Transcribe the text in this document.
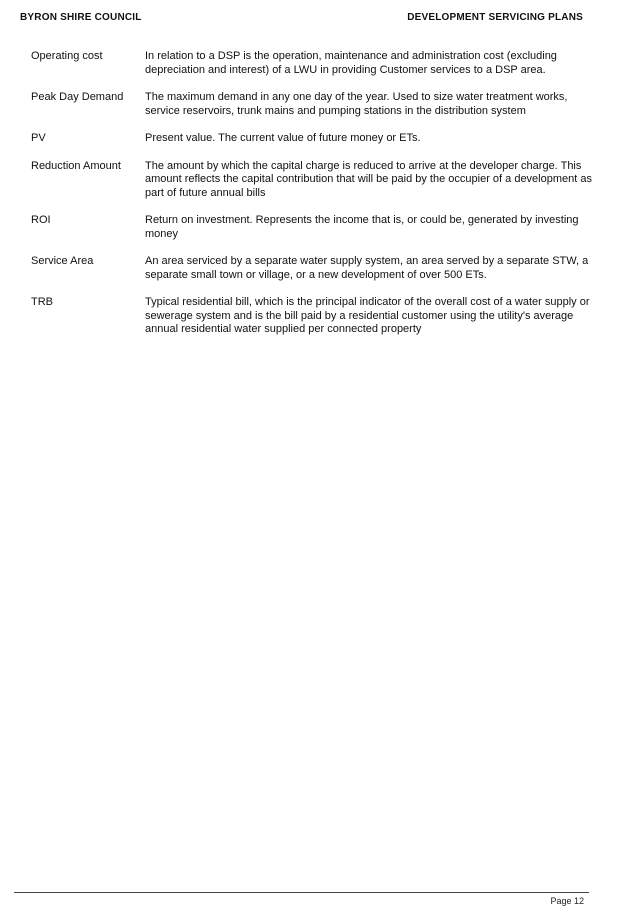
BYRON SHIRE COUNCIL	DEVELOPMENT SERVICING PLANS
Operating cost	In relation to a DSP is the operation, maintenance and administration cost (excluding depreciation and interest) of a LWU in providing Customer services to a DSP area.
Peak Day Demand	The maximum demand in any one day of the year. Used to size water treatment works, service reservoirs, trunk mains and pumping stations in the distribution system
PV	Present value. The current value of future money or ETs.
Reduction Amount	The amount by which the capital charge is reduced to arrive at the developer charge. This amount reflects the capital contribution that will be paid by the occupier of a development as part of future annual bills
ROI	Return on investment. Represents the income that is, or could be, generated by investing money
Service Area	An area serviced by a separate water supply system, an area served by a separate STW, a separate small town or village, or a new development of over 500 ETs.
TRB	Typical residential bill, which is the principal indicator of the overall cost of a water supply or sewerage system and is the bill paid by a residential customer using the utility's average annual residential water supplied per connected property
Page 12
